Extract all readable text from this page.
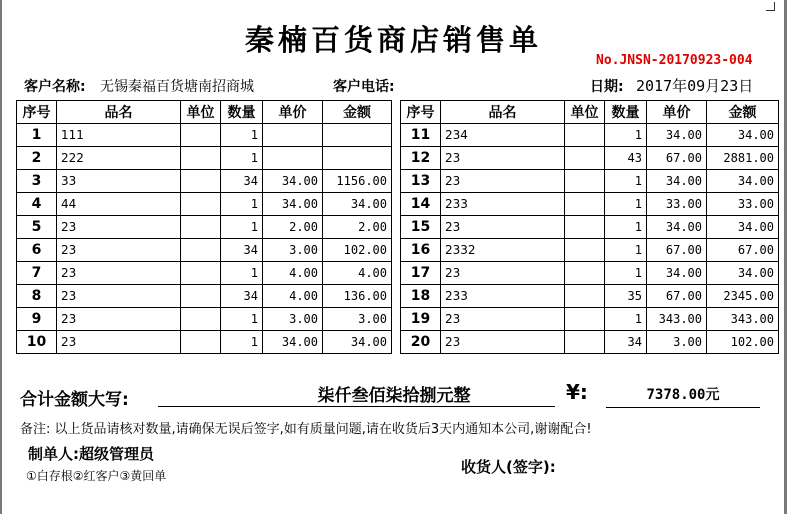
秦楠百货商店销售单
No.JNSN-20170923-004
客户名称: 无锡秦福百货塘南招商城	客户电话:	日期: 2017年09月23日
序号	品名	单位	数量	单价	金额
1	111		1		
2	222		1		
3	33		34	34.00	1156.00
4	44		1	34.00	34.00
5	23		1	2.00	2.00
6	23		34	3.00	102.00
7	23		1	4.00	4.00
8	23		34	4.00	136.00
9	23		1	3.00	3.00
10	23		1	34.00	34.00
序号	品名	单位	数量	单价	金额
11	234		1	34.00	34.00
12	23		43	67.00	2881.00
13	23		1	34.00	34.00
14	233		1	33.00	33.00
15	23		1	34.00	34.00
16	2332		1	67.00	67.00
17	23		1	34.00	34.00
18	233		35	67.00	2345.00
19	23		1	343.00	343.00
20	23		34	3.00	102.00
合计金额大写:	柒仟叁佰柒拾捌元整	¥:	7378.00元
备注: 以上货品请核对数量,请确保无误后签字,如有质量问题,请在收货后3天内通知本公司,谢谢配合!
制单人:超级管理员
①白存根②红客户③黄回单	收货人(签字):
